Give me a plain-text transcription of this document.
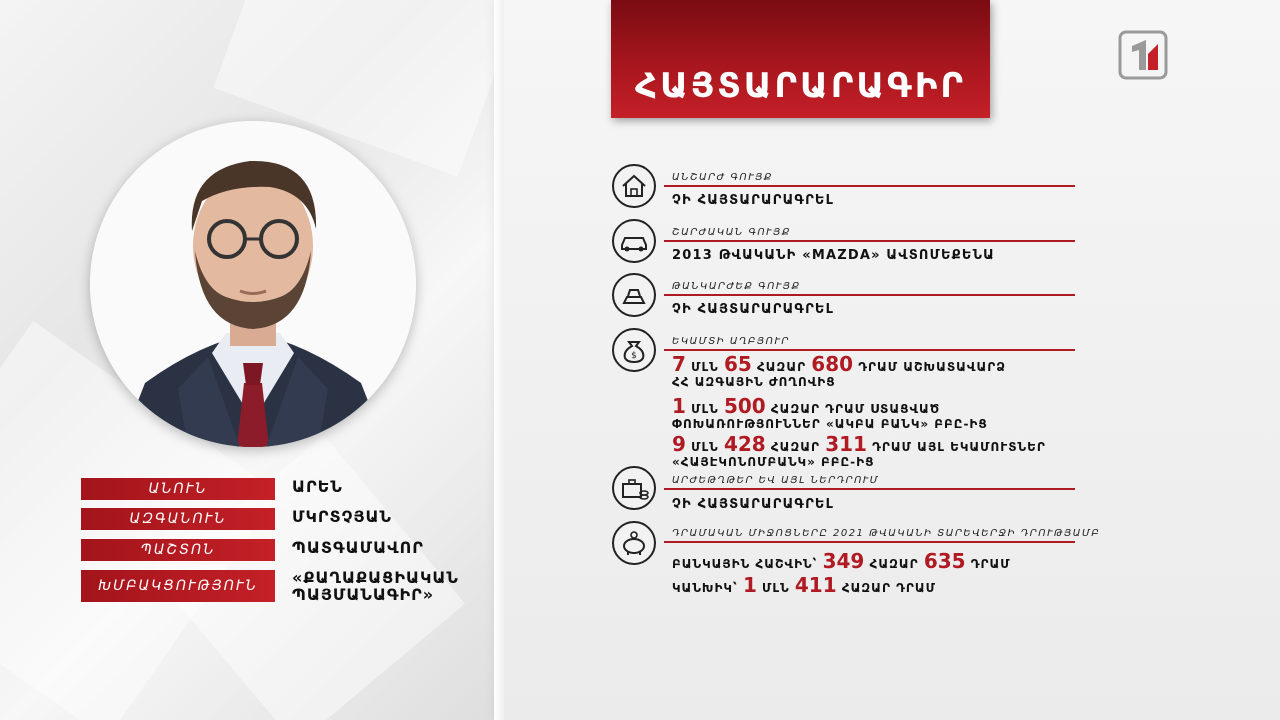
ԱՆՈՒՆ	ԱՐԵՆ
ԱԶԳԱՆՈՒՆ	ՄԿՐՏՉՅԱՆ
ՊԱՇՏՈՆ	ՊԱՏԳԱՄԱՎՈՐ
ԽՄԲԱԿՑՈՒԹՅՈՒՆ	«ՔԱՂԱՔԱՑԻԱԿԱՆ
ՊԱՅՄԱՆԱԳԻՐ»
ՀԱՅՏԱՐԱՐԱԳԻՐ
ԱՆՇԱՐԺ ԳՈՒՅՔ
ՉԻ ՀԱՅՏԱՐԱՐԱԳՐԵԼ
ՇԱՐԺԱԿԱՆ ԳՈՒՅՔ
2013 ԹՎԱԿԱՆԻ «MAZDA» ԱՎՏՈՄԵՔԵՆԱ
ԹԱՆԿԱՐԺԵՔ ԳՈՒՅՔ
ՉԻ ՀԱՅՏԱՐԱՐԱԳՐԵԼ
$
ԵԿԱՄՏԻ ԱՂԲՅՈՒՐ
7 ՄԼՆ 65 ՀԱԶԱՐ 680 ԴՐԱՄ ԱՇԽԱՏԱՎԱՐՁ
ՀՀ ԱԶԳԱՅԻՆ ԺՈՂՈՎԻՑ
1 ՄԼՆ 500 ՀԱԶԱՐ ԴՐԱՄ ՍՏԱՑՎԱԾ
ՓՈԽԱՌՈՒԹՅՈՒՆՆԵՐ «ԱԿԲԱ ԲԱՆԿ» ԲԲԸ-ԻՑ
9 ՄԼՆ 428 ՀԱԶԱՐ 311 ԴՐԱՄ ԱՅԼ ԵԿԱՄՈՒՏՆԵՐ
«ՀԱՅԷԿՈՆՈՄԲԱՆԿ» ԲԲԸ-ԻՑ
ԱՐԺԵԹՂԹԵՐ ԵՎ ԱՅԼ ՆԵՐԴՐՈՒՄ
ՉԻ ՀԱՅՏԱՐԱՐԱԳՐԵԼ
ԴՐԱՄԱԿԱՆ ՄԻՋՈՑՆԵՐԸ 2021 ԹՎԱԿԱՆԻ ՏԱՐԵՎԵՐՋԻ ԴՐՈՒԹՅԱՄԲ
ԲԱՆԿԱՅԻՆ ՀԱՇՎԻՆ՝ 349 ՀԱԶԱՐ 635 ԴՐԱՄ
ԿԱՆԽԻԿ՝ 1 ՄԼՆ 411 ՀԱԶԱՐ ԴՐԱՄ
